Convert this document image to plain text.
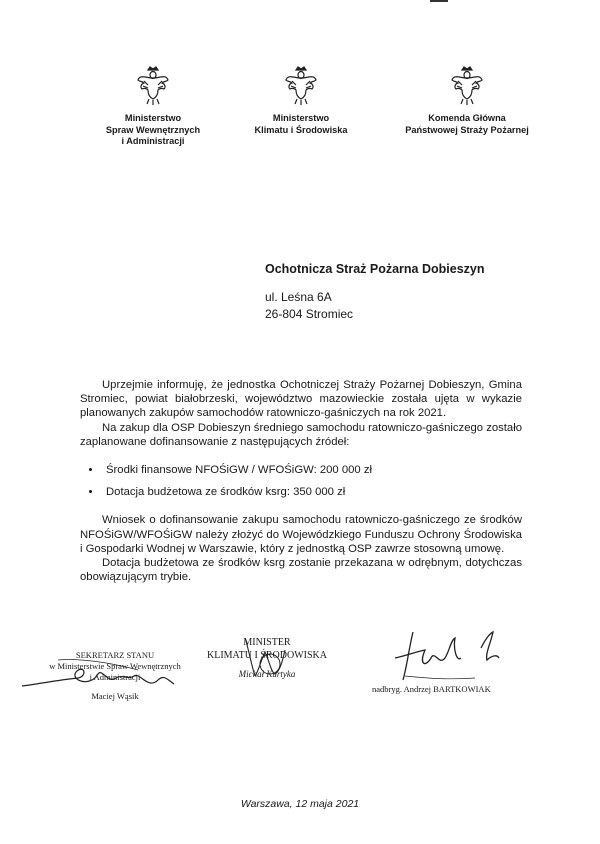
Ministerstwo
Spraw Wewnętrznych
i Administracji
Ministerstwo
Klimatu i Środowiska
Komenda Główna
Państwowej Straży Pożarnej
Ochotnicza Straż Pożarna Dobieszyn
ul. Leśna 6A
26-804 Stromiec

Uprzejmie informuję, że jednostka Ochotniczej Straży Pożarnej Dobieszyn, Gmina Stromiec, powiat białobrzeski, województwo mazowieckie została ujęta w wykazie planowanych zakupów samochodów ratowniczo-gaśniczych na rok 2021.

Na zakup dla OSP Dobieszyn średniego samochodu ratowniczo-gaśniczego zostało zaplanowane dofinansowanie z następujących źródeł:

• Środki finansowe NFOŚiGW / WFOŚiGW: 200 000 zł
• Dotacja budżetowa ze środków ksrg: 350 000 zł

Wniosek o dofinansowanie zakupu samochodu ratowniczo-gaśniczego ze środków NFOŚiGW/WFOŚiGW należy złożyć do Wojewódzkiego Funduszu Ochrony Środowiska i Gospodarki Wodnej w Warszawie, który z jednostką OSP zawrze stosowną umowę.

Dotacja budżetowa ze środków ksrg zostanie przekazana w odrębnym, dotychczas obowiązującym trybie.

SEKRETARZ STANU
w Ministerstwie Spraw Wewnętrznych
i Administracji
Maciej Wąsik
MINISTER
KLIMATU I ŚRODOWISKA
Michał Kurtyka
nadbryg. Andrzej BARTKOWIAK
Warszawa, 12 maja 2021
